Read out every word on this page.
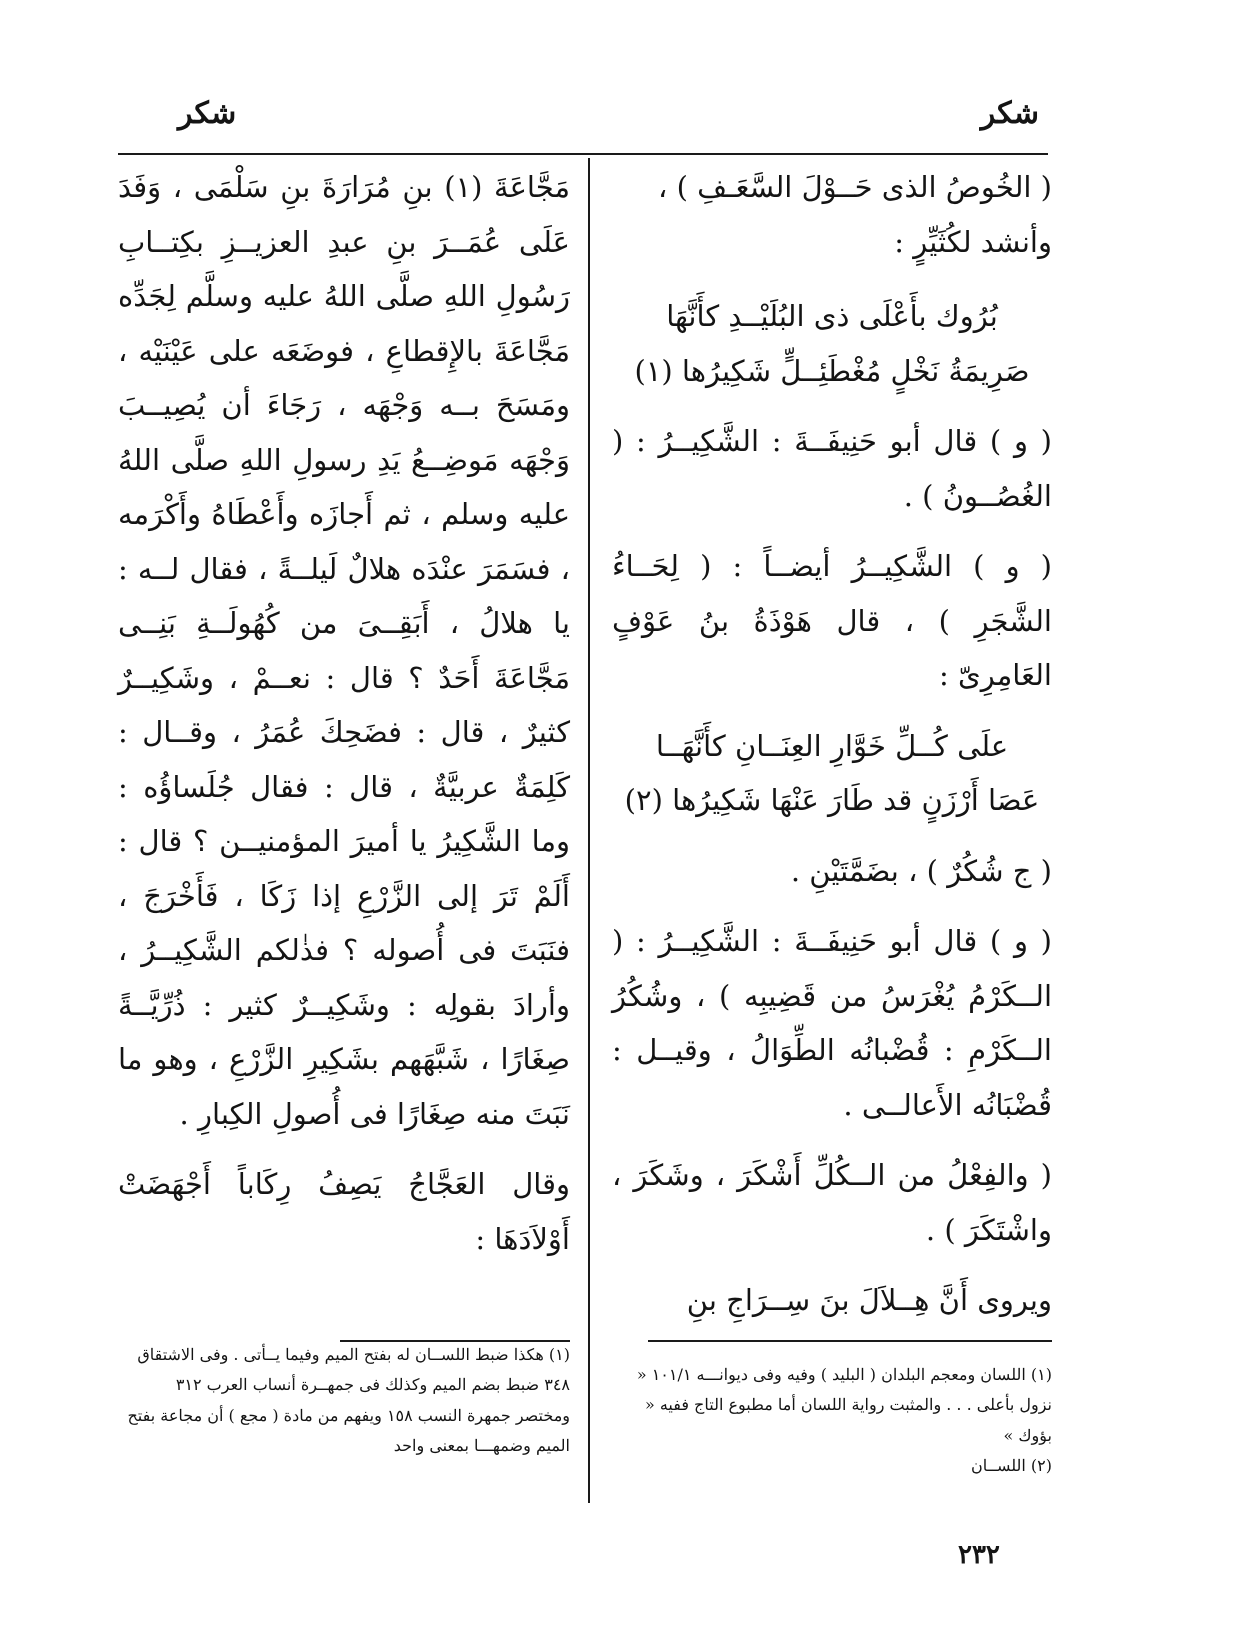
شكر
شكر

( الخُوصُ الذى حَــوْلَ السَّعَـفِ ) ،

وأنشد لكُثَيِّرٍ :

بُرُوك بأَعْلَى ذى البُلَيْــدِ كأَنَّهَا
صَرِيمَةُ نَخْلٍ مُغْطَئِــلٍّ شَكِيرُها (١)

( و ) قال أبو حَنِيفَــةَ : الشَّكِيــرُ : ( الغُصُــونُ ) .

( و ) الشَّكِيــرُ أيضــاً : ( لِحَــاءُ الشَّجَرِ ) ، قال هَوْذَةُ بنُ عَوْفٍ العَامِرِىّ :

علَى كُــلِّ خَوَّارِ العِنَــانِ كأَنَّهَــا
عَصَا أَرْزَنٍ قد طَارَ عَنْهَا شَكِيرُها (٢)

( ج شُكُرٌ ) ، بضَمَّتَيْنِ .

( و ) قال أبو حَنِيفَــةَ : الشَّكِيــرُ : ( الــكَرْمُ يُغْرَسُ من قَضِيبِه ) ، وشُكُرُ الــكَرْمِ : قُضْبانُه الطِّوَالُ ، وقيــل : قُضْبَانُه الأَعالــى .

( والفِعْلُ من الــكُلِّ أَشْكَرَ ، وشَكَرَ ، واشْتَكَرَ ) .

ويروى أَنَّ هِــلاَلَ بنَ سِــرَاجِ بنِ

مَجَّاعَةَ (١) بنِ مُرَارَةَ بنِ سَلْمَى ، وَفَدَ عَلَى عُمَــرَ بنِ عبدِ العزيــزِ بكِتــابِ رَسُولِ اللهِ صلَّى اللهُ عليه وسلَّم لِجَدِّه مَجَّاعَةَ بالإِقطاعِ ، فوضَعَه على عَيْنَيْه ، ومَسَحَ بــه وَجْهَه ، رَجَاءَ أن يُصِيــبَ وَجْهَه مَوضِــعُ يَدِ رسولِ اللهِ صلَّى اللهُ عليه وسلم ، ثم أَجازَه وأَعْطَاهُ وأَكْرَمه ، فسَمَرَ عنْدَه هلالٌ لَيلــةً ، فقال لــه : يا هلالُ ، أَبَقِــىَ من كُهُولَــةِ بَنِــى مَجَّاعَةَ أَحَدٌ ؟ قال : نعــمْ ، وشَكِيــرٌ كثيرٌ ، قال : فضَحِكَ عُمَرُ ، وقــال : كَلِمَةٌ عربيَّةٌ ، قال : فقال جُلَساؤُه : وما الشَّكِيرُ يا أميرَ المؤمنيــن ؟ قال : أَلَمْ تَرَ إلى الزَّرْعِ إذا زَكَا ، فَأَخْرَجَ ، فنَبَتَ فى أُصوله ؟ فذٰلكم الشَّكِيــرُ ، وأرادَ بقولِه : وشَكِيــرٌ كثير : ذُرِّيَّــةً صِغَارًا ، شَبَّهَهم بشَكِيرِ الزَّرْعِ ، وهو ما نَبَتَ منه صِغَارًا فى أُصولِ الكِبارِ .

وقال العَجَّاجُ يَصِفُ رِكَاباً أَجْهَضَتْ أَوْلاَدَهَا :

(١) اللسان ومعجم البلدان ( البليد ) وفيه وفى ديوانـــه ١٠١/١ « نزول بأعلى . . . والمثبت رواية اللسان أما مطبوع التاج ففيه « بؤوك »

(٢) اللســان

(١) هكذا ضبط اللســان له بفتح الميم وفيما يــأتى . وفى الاشتقاق ٣٤٨ ضبط بضم الميم وكذلك فى جمهــرة أنساب العرب ٣١٢ ومختصر جمهرة النسب ١٥٨ ويفهم من مادة ( مجع ) أن مجاعة بفتح الميم وضمهـــا بمعنى واحد

٢٣٢
